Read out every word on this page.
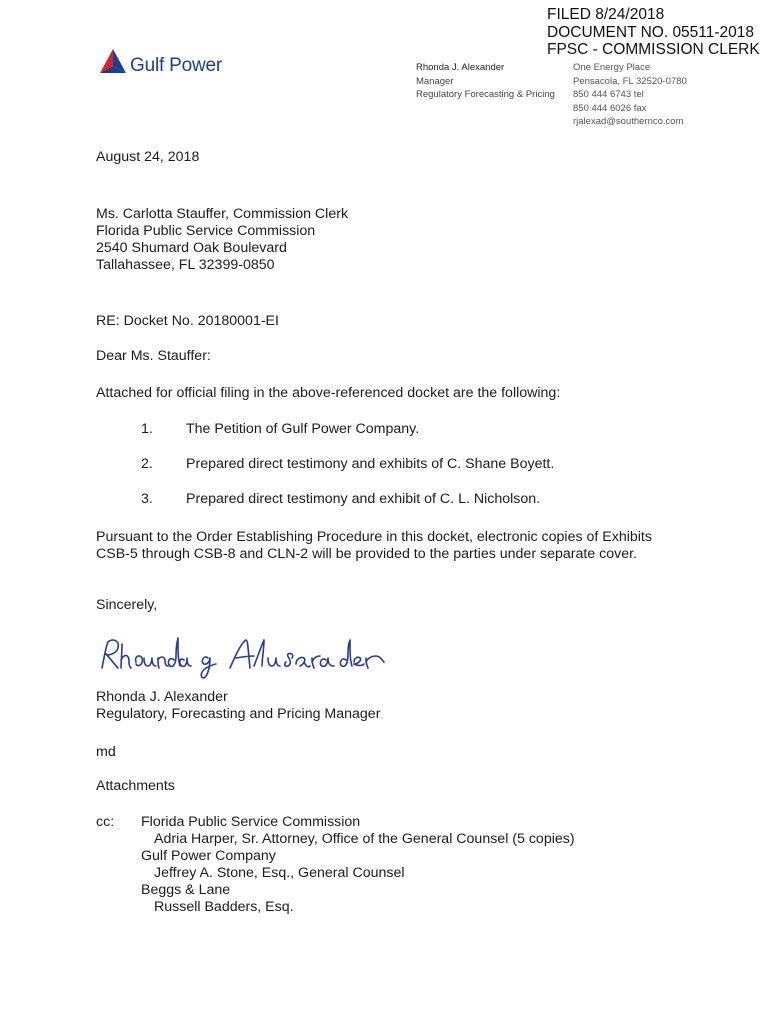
FILED 8/24/2018
DOCUMENT NO. 05511-2018
FPSC - COMMISSION CLERK
Gulf Power	Rhonda J. Alexander
Manager
Regulatory Forecasting & Pricing
One Energy Place
Pensacola, FL 32520-0780
850 444 6743 tel
850 444 6026 fax
rjalexad@southernco.com
August 24, 2018
Ms. Carlotta Stauffer, Commission Clerk
Florida Public Service Commission
2540 Shumard Oak Boulevard
Tallahassee, FL 32399-0850
RE: Docket No. 20180001-EI
Dear Ms. Stauffer:
Attached for official filing in the above-referenced docket are the following:
1. The Petition of Gulf Power Company.
2. Prepared direct testimony and exhibits of C. Shane Boyett.
3. Prepared direct testimony and exhibit of C. L. Nicholson.
Pursuant to the Order Establishing Procedure in this docket, electronic copies of Exhibits CSB-5 through CSB-8 and CLN-2 will be provided to the parties under separate cover.
Sincerely,
Rhonda J. Alexander
Regulatory, Forecasting and Pricing Manager
md
Attachments
cc: Florida Public Service Commission
Adria Harper, Sr. Attorney, Office of the General Counsel (5 copies)
Gulf Power Company
Jeffrey A. Stone, Esq., General Counsel
Beggs & Lane
Russell Badders, Esq.
